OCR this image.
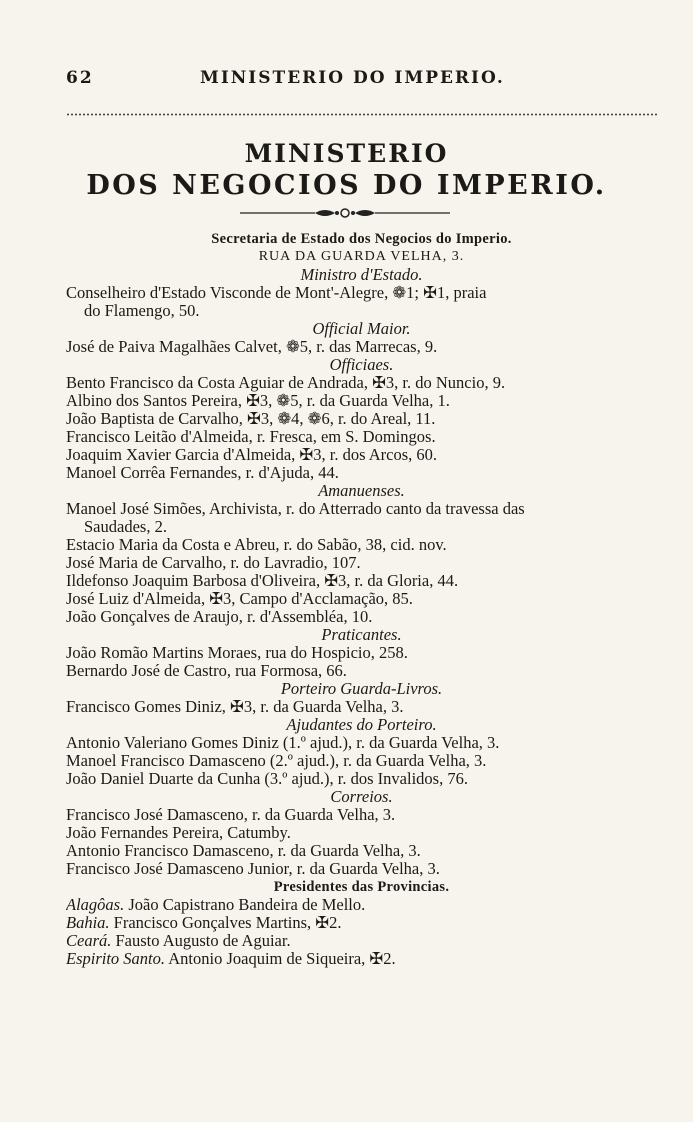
62	MINISTERIO DO IMPERIO.
MINISTERIO
DOS NEGOCIOS DO IMPERIO.
Secretaria de Estado dos Negocios do Imperio.
RUA DA GUARDA VELHA, 3.
Ministro d'Estado.
Conselheiro d'Estado Visconde de Mont'-Alegre, ❁1; ✠1, praia
do Flamengo, 50.
Official Maior.
José de Paiva Magalhães Calvet, ❁5, r. das Marrecas, 9.
Officiaes.
Bento Francisco da Costa Aguiar de Andrada, ✠3, r. do Nuncio, 9.
Albino dos Santos Pereira, ✠3, ❁5, r. da Guarda Velha, 1.
João Baptista de Carvalho, ✠3, ❁4, ❁6, r. do Areal, 11.
Francisco Leitão d'Almeida, r. Fresca, em S. Domingos.
Joaquim Xavier Garcia d'Almeida, ✠3, r. dos Arcos, 60.
Manoel Corrêa Fernandes, r. d'Ajuda, 44.
Amanuenses.
Manoel José Simões, Archivista, r. do Atterrado canto da travessa das
Saudades, 2.
Estacio Maria da Costa e Abreu, r. do Sabão, 38, cid. nov.
José Maria de Carvalho, r. do Lavradio, 107.
Ildefonso Joaquim Barbosa d'Oliveira, ✠3, r. da Gloria, 44.
José Luiz d'Almeida, ✠3, Campo d'Acclamação, 85.
João Gonçalves de Araujo, r. d'Assembléa, 10.
Praticantes.
João Romão Martins Moraes, rua do Hospicio, 258.
Bernardo José de Castro, rua Formosa, 66.
Porteiro Guarda-Livros.
Francisco Gomes Diniz, ✠3, r. da Guarda Velha, 3.
Ajudantes do Porteiro.
Antonio Valeriano Gomes Diniz (1.º ajud.), r. da Guarda Velha, 3.
Manoel Francisco Damasceno (2.º ajud.), r. da Guarda Velha, 3.
João Daniel Duarte da Cunha (3.º ajud.), r. dos Invalidos, 76.
Correios.
Francisco José Damasceno, r. da Guarda Velha, 3.
João Fernandes Pereira, Catumby.
Antonio Francisco Damasceno, r. da Guarda Velha, 3.
Francisco José Damasceno Junior, r. da Guarda Velha, 3.
Presidentes das Provincias.
Alagôas. João Capistrano Bandeira de Mello.
Bahia. Francisco Gonçalves Martins, ✠2.
Ceará. Fausto Augusto de Aguiar.
Espirito Santo. Antonio Joaquim de Siqueira, ✠2.
